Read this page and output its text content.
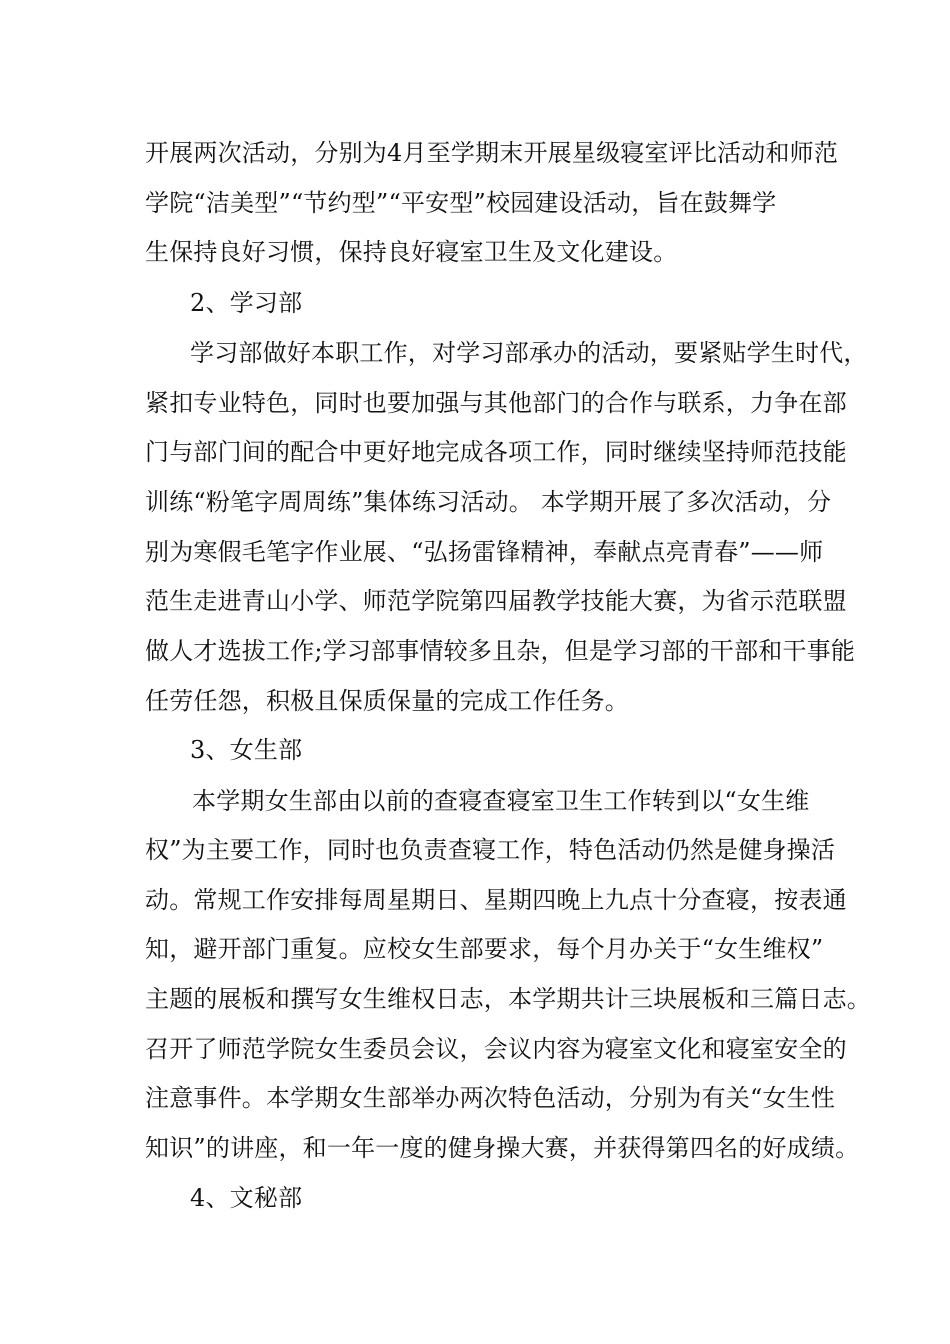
开展两次活动，分别为4月至学期末开展星级寝室评比活动和师范
学院“洁美型”“节约型”“平安型”校园建设活动，旨在鼓舞学
生保持良好习惯，保持良好寝室卫生及文化建设。
2、学习部
学习部做好本职工作，对学习部承办的活动，要紧贴学生时代，
紧扣专业特色，同时也要加强与其他部门的合作与联系，力争在部
门与部门间的配合中更好地完成各项工作，同时继续坚持师范技能
训练“粉笔字周周练”集体练习活动。 本学期开展了多次活动，分
别为寒假毛笔字作业展、“弘扬雷锋精神，奉献点亮青春”——师
范生走进青山小学、师范学院第四届教学技能大赛，为省示范联盟
做人才选拔工作;学习部事情较多且杂，但是学习部的干部和干事能
任劳任怨，积极且保质保量的完成工作任务。
3、女生部
本学期女生部由以前的查寝查寝室卫生工作转到以“女生维
权”为主要工作，同时也负责查寝工作，特色活动仍然是健身操活
动。常规工作安排每周星期日、星期四晚上九点十分查寝，按表通
知，避开部门重复。应校女生部要求，每个月办关于“女生维权”
主题的展板和撰写女生维权日志，本学期共计三块展板和三篇日志。
召开了师范学院女生委员会议，会议内容为寝室文化和寝室安全的
注意事件。本学期女生部举办两次特色活动，分别为有关“女生性
知识”的讲座，和一年一度的健身操大赛，并获得第四名的好成绩。
4、文秘部
